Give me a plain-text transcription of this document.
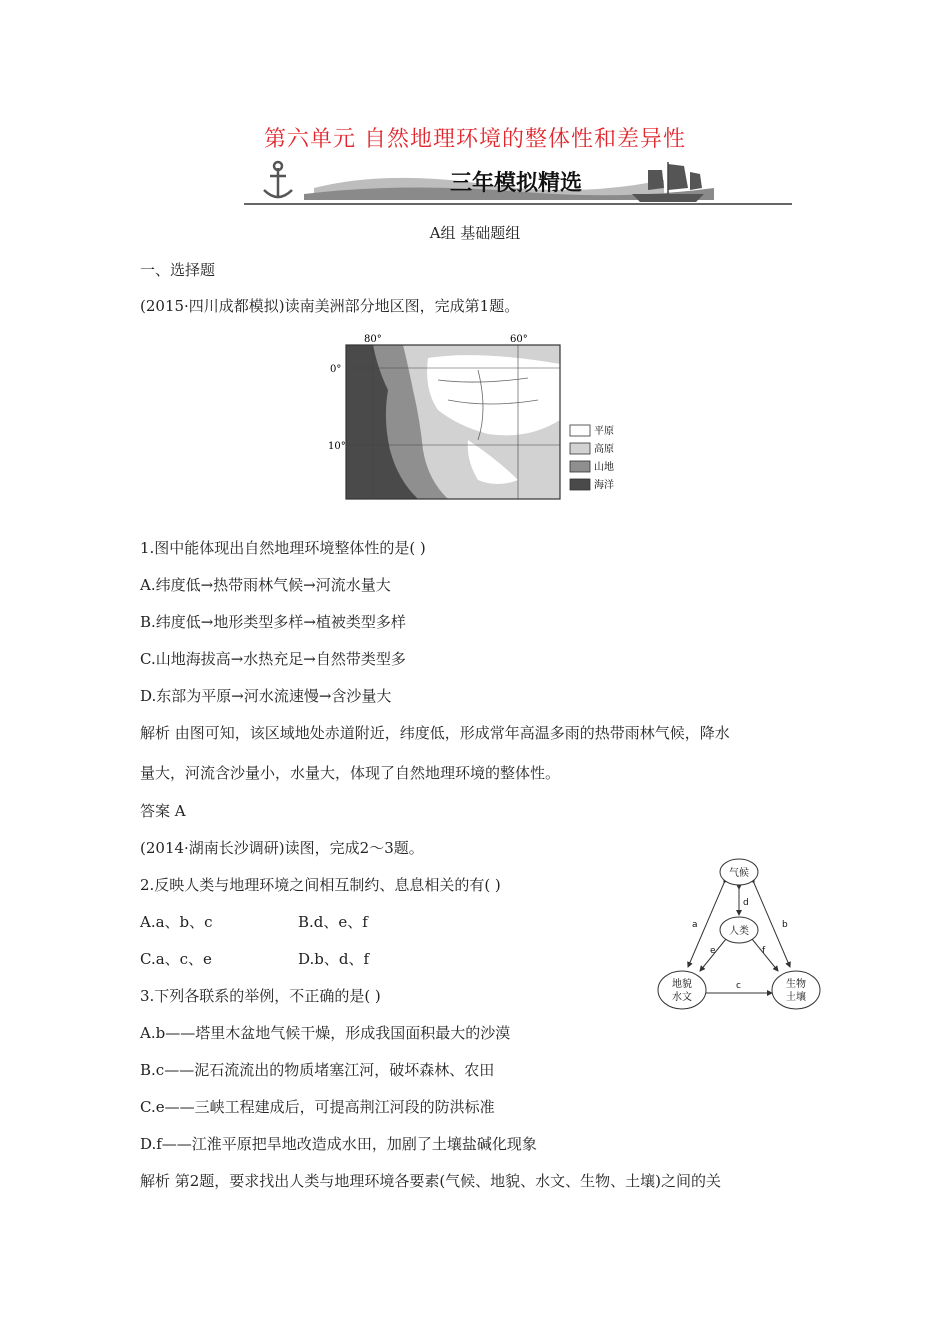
第六单元 自然地理环境的整体性和差异性
三年模拟精选
A组 基础题组
一、选择题
(2015·四川成都模拟)读南美洲部分地区图，完成第1题。
80°	60°
0°
10°
平原
高原
山地
海洋
1.图中能体现出自然地理环境整体性的是( )
A.纬度低→热带雨林气候→河流水量大
B.纬度低→地形类型多样→植被类型多样
C.山地海拔高→水热充足→自然带类型多
D.东部为平原→河水流速慢→含沙量大
解析 由图可知，该区域地处赤道附近，纬度低，形成常年高温多雨的热带雨林气候，降水
量大，河流含沙量小，水量大，体现了自然地理环境的整体性。
答案 A
(2014·湖南长沙调研)读图，完成2～3题。
2.反映人类与地理环境之间相互制约、息息相关的有( )
A.a、b、c	B.d、e、f
C.a、c、e	D.b、d、f
3.下列各联系的举例，不正确的是( )
A.b——塔里木盆地气候干燥，形成我国面积最大的沙漠
B.c——泥石流流出的物质堵塞江河，破坏森林、农田
C.e——三峡工程建成后，可提高荆江河段的防洪标准
D.f——江淮平原把旱地改造成水田，加剧了土壤盐碱化现象
解析 第2题，要求找出人类与地理环境各要素(气候、地貌、水文、生物、土壤)之间的关
气候
人类
地貌
水文
生物
土壤
a	b
c
d
e	f
